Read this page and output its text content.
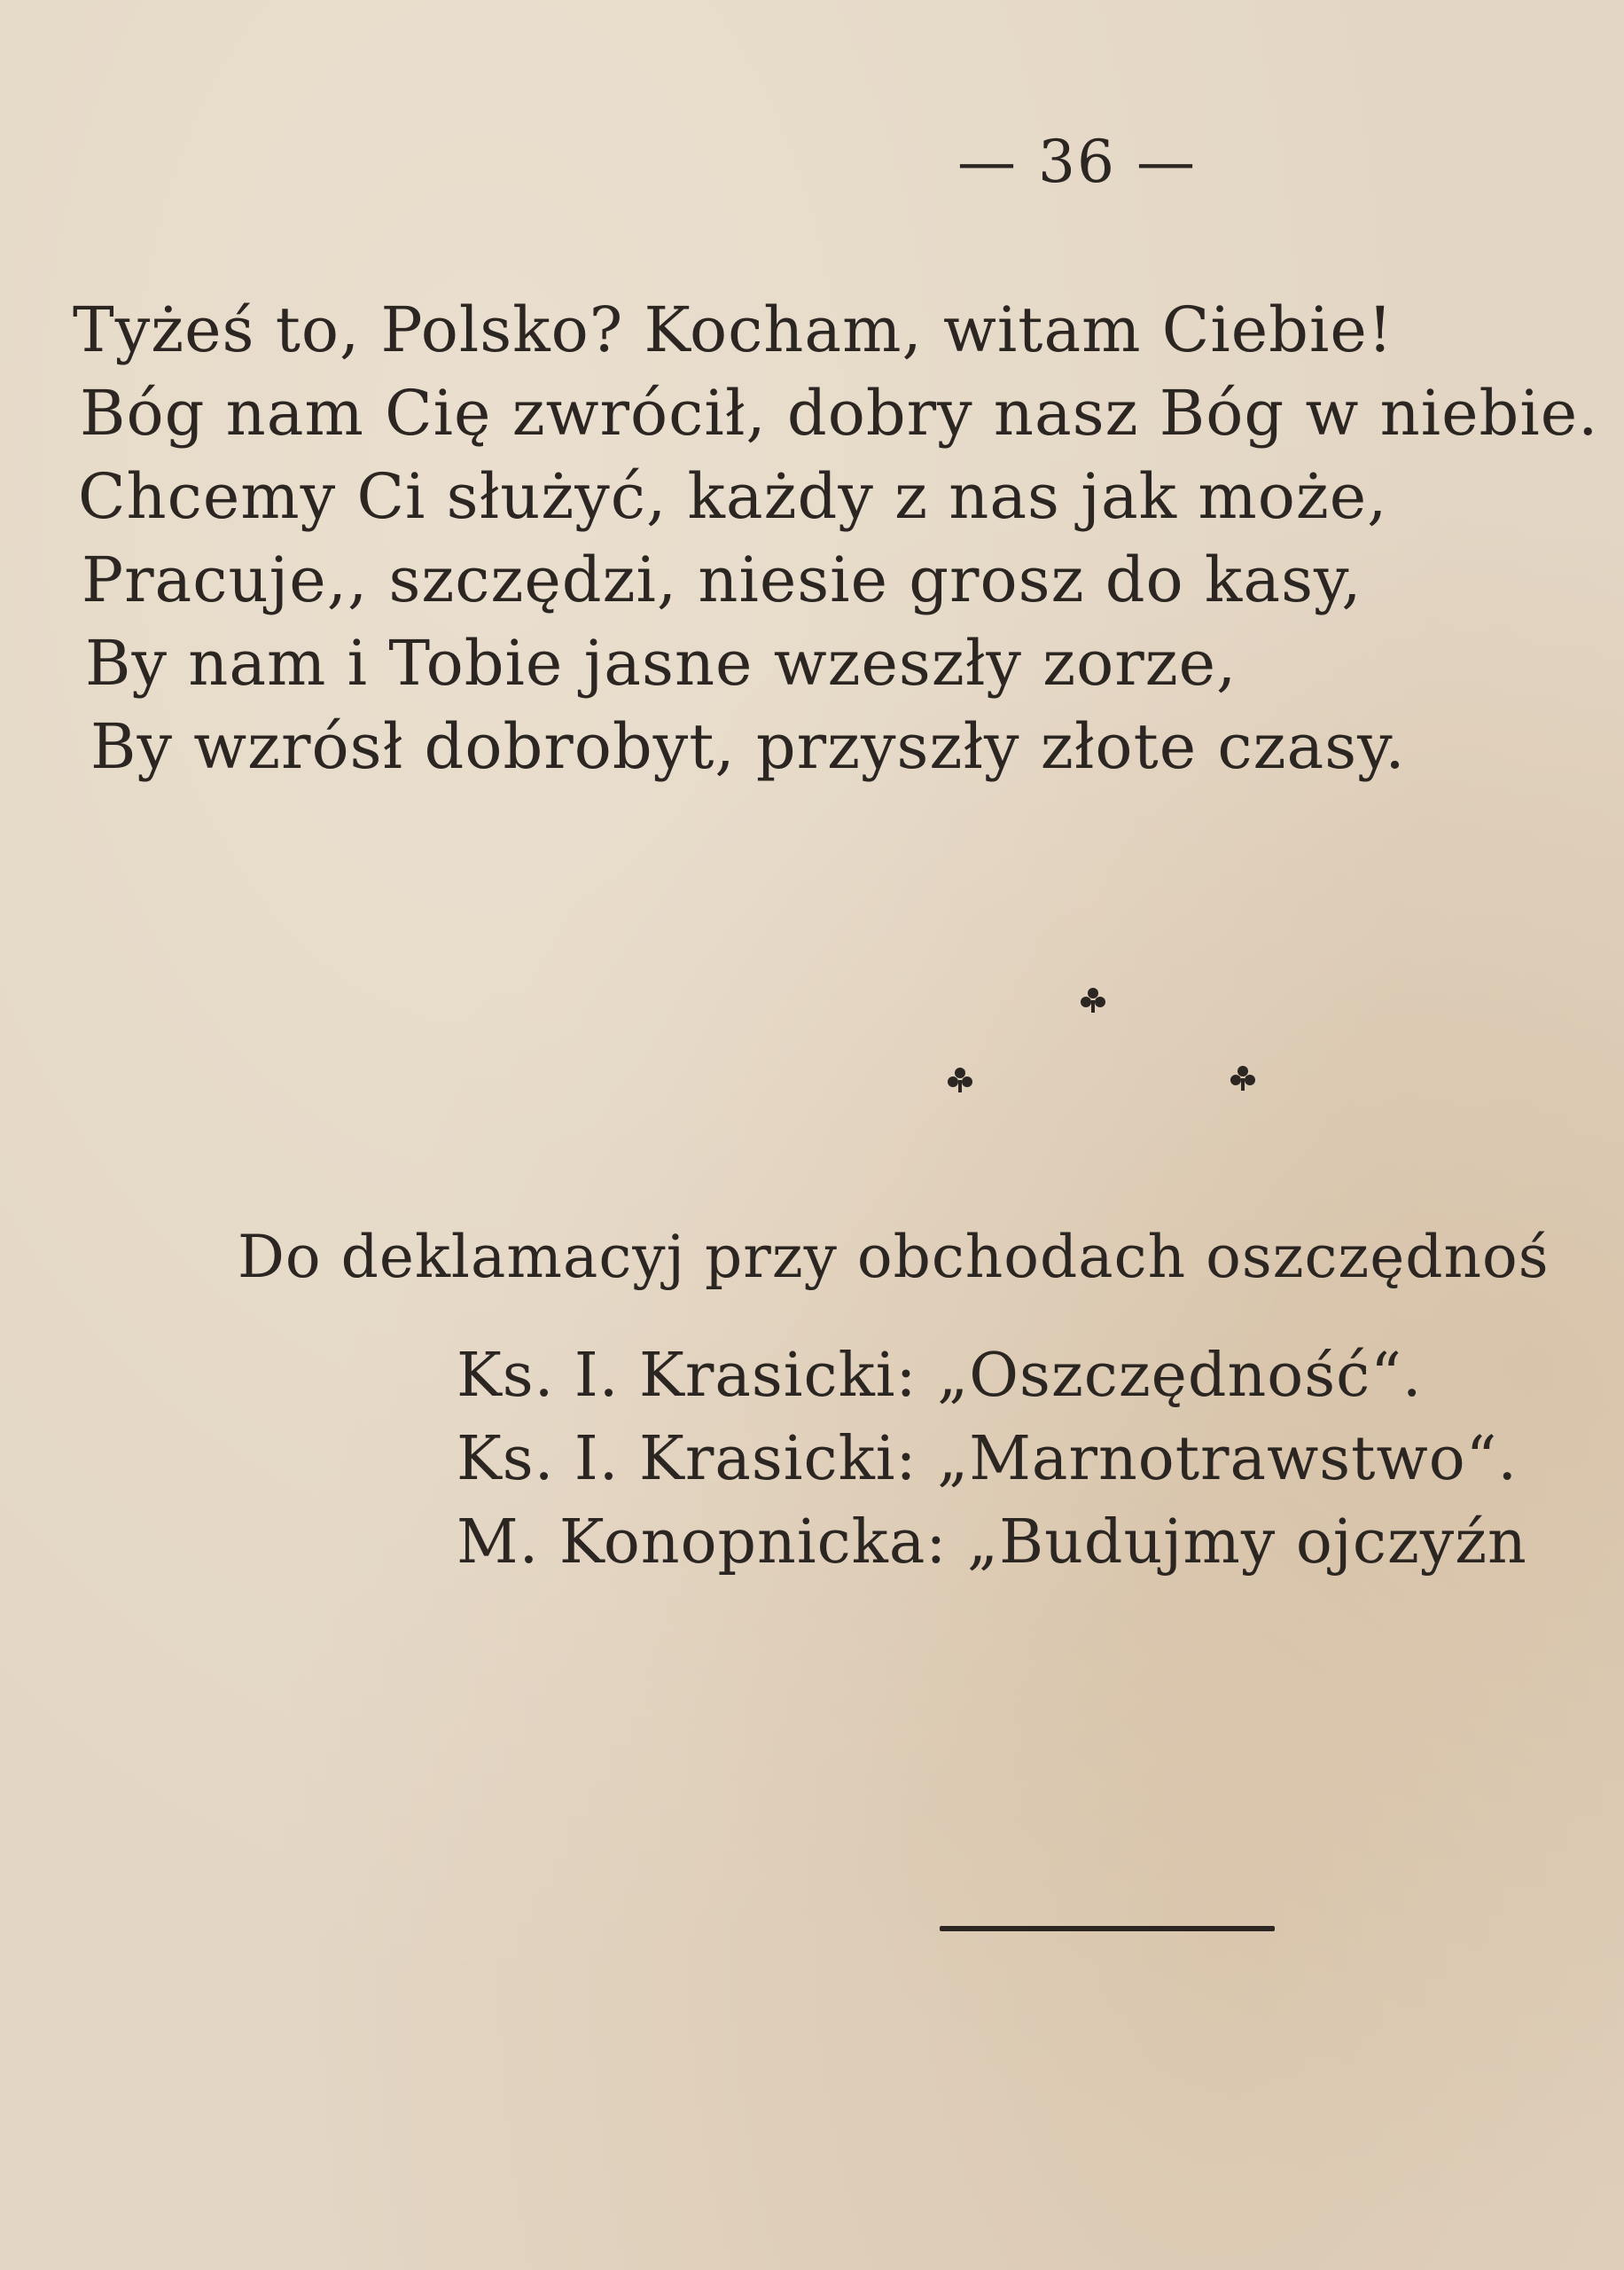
— 36 —
Tyżeś to, Polsko? Kocham, witam Ciebie!
Bóg nam Cię zwrócił, dobry nasz Bóg w niebie.
Chcemy Ci służyć, każdy z nas jak może,
Pracuje,, szczędzi, niesie grosz do kasy,
By nam i Tobie jasne wzeszły zorze,
By wzrósł dobrobyt, przyszły złote czasy.
Do deklamacyj przy obchodach oszczędnoś
Ks. I. Krasicki: „Oszczędność“.
Ks. I. Krasicki: „Marnotrawstwo“.
M. Konopnicka: „Budujmy ojczyźn
